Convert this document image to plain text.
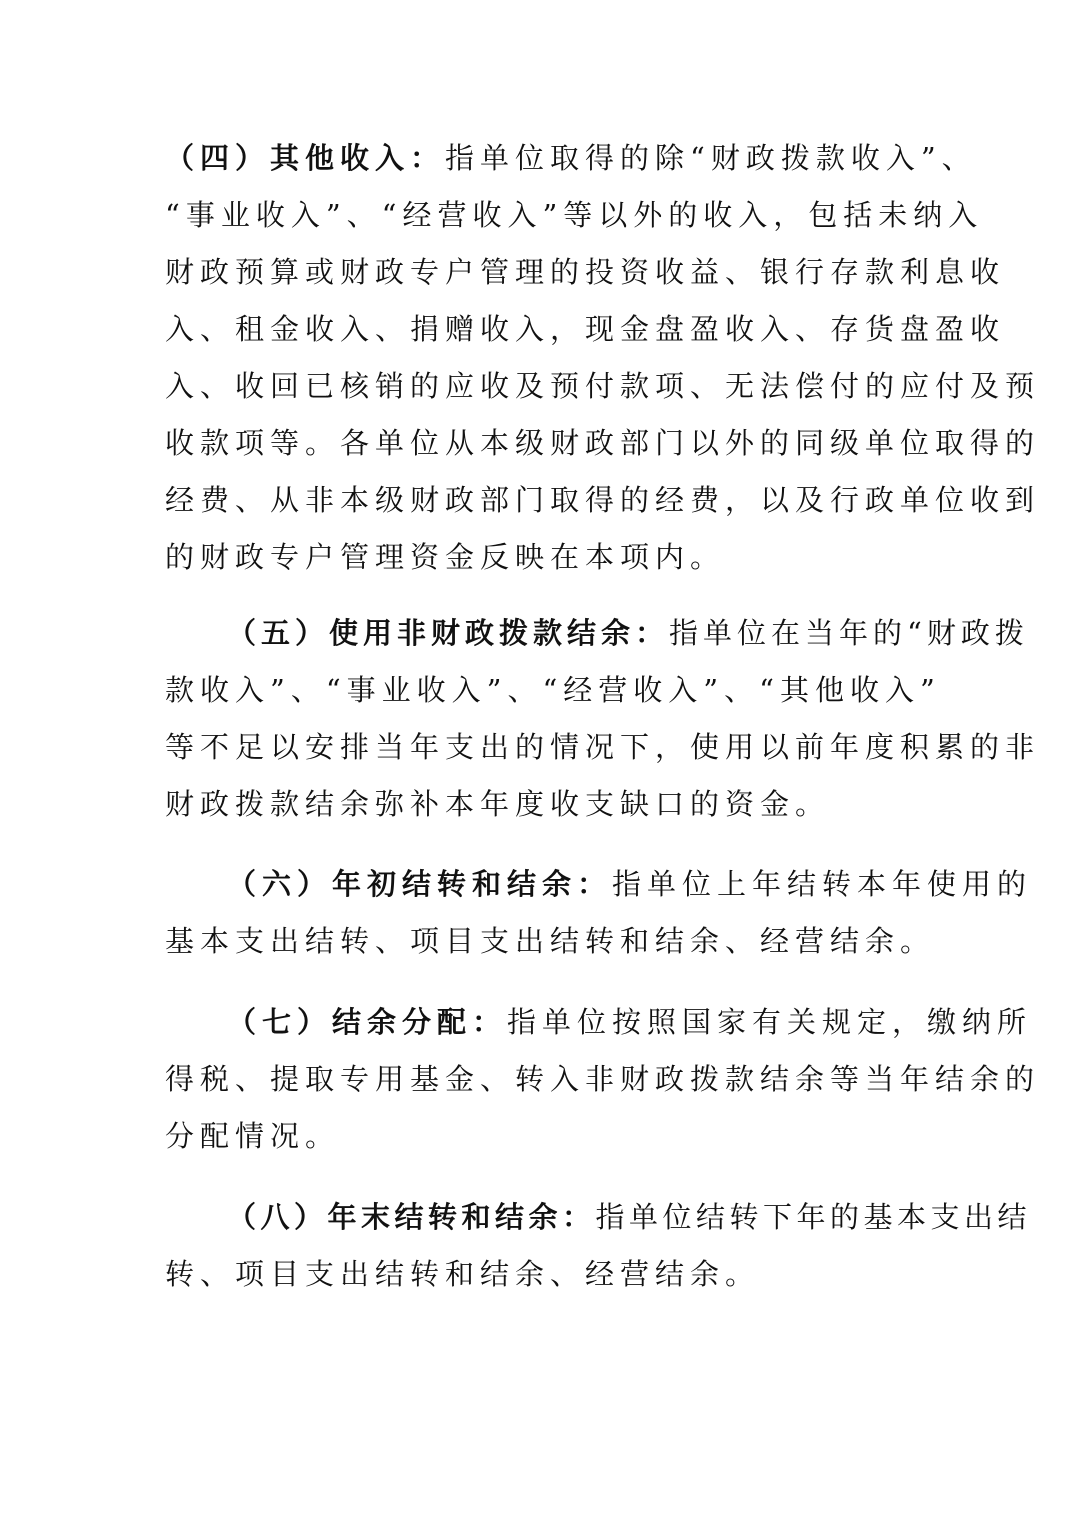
（四）其他收入：指单位取得的除“财政拨款收入”、
“事业收入”、“经营收入”等以外的收入，包括未纳入
财政预算或财政专户管理的投资收益、银行存款利息收
入、租金收入、捐赠收入，现金盘盈收入、存货盘盈收
入、收回已核销的应收及预付款项、无法偿付的应付及预
收款项等。各单位从本级财政部门以外的同级单位取得的
经费、从非本级财政部门取得的经费，以及行政单位收到
的财政专户管理资金反映在本项内。
（五）使用非财政拨款结余：指单位在当年的“财政拨
款收入”、“事业收入”、“经营收入”、“其他收入”
等不足以安排当年支出的情况下，使用以前年度积累的非
财政拨款结余弥补本年度收支缺口的资金。
（六）年初结转和结余：指单位上年结转本年使用的
基本支出结转、项目支出结转和结余、经营结余。
（七）结余分配：指单位按照国家有关规定，缴纳所
得税、提取专用基金、转入非财政拨款结余等当年结余的
分配情况。
（八）年末结转和结余：指单位结转下年的基本支出结
转、项目支出结转和结余、经营结余。
